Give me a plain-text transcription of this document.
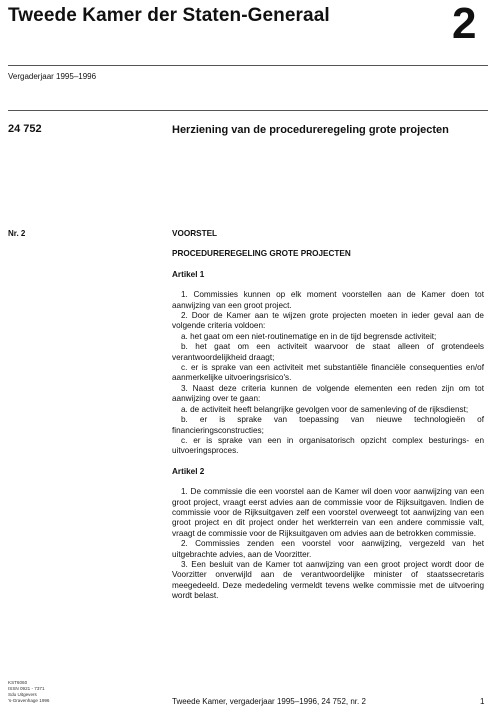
Tweede Kamer der Staten-Generaal	2
Vergaderjaar 1995–1996
24 752	Herziening van de procedureregeling grote projecten
Nr. 2	VOORSTEL
PROCEDUREREGELING GROTE PROJECTEN
Artikel 1

1. Commissies kunnen op elk moment voorstellen aan de Kamer doen tot aanwijzing van een groot project.

2. Door de Kamer aan te wijzen grote projecten moeten in ieder geval aan de volgende criteria voldoen:

a. het gaat om een niet-routinematige en in de tijd begrensde activiteit;

b. het gaat om een activiteit waarvoor de staat alleen of grotendeels verantwoordelijkheid draagt;

c. er is sprake van een activiteit met substantiële financiële consequenties en/of aanmerkelijke uitvoeringsrisico's.

3. Naast deze criteria kunnen de volgende elementen een reden zijn om tot aanwijzing over te gaan:

a. de activiteit heeft belangrijke gevolgen voor de samenleving of de rijksdienst;

b. er is sprake van toepassing van nieuwe technologieën of financieringsconstructies;

c. er is sprake van een in organisatorisch opzicht complex besturings- en uitvoeringsproces.

Artikel 2

1. De commissie die een voorstel aan de Kamer wil doen voor aanwijzing van een groot project, vraagt eerst advies aan de commissie voor de Rijksuitgaven. Indien de commissie voor de Rijksuitgaven zelf een voorstel overweegt tot aanwijzing van een groot project en dit project onder het werkterrein van een andere commissie valt, vraagt de commissie voor de Rijksuitgaven om advies aan de betrokken commissie.

2. Commissies zenden een voorstel voor aanwijzing, vergezeld van het uitgebrachte advies, aan de Voorzitter.

3. Een besluit van de Kamer tot aanwijzing van een groot project wordt door de Voorzitter onverwijld aan de verantwoordelijke minister of staatssecretaris meegedeeld. Deze mededeling vermeldt tevens welke commissie met de uitvoering wordt belast.

KST6060
ISSN 0921 - 7371
Sdu Uitgevers
's-Gravenhage 1996	Tweede Kamer, vergaderjaar 1995–1996, 24 752, nr. 2	1
